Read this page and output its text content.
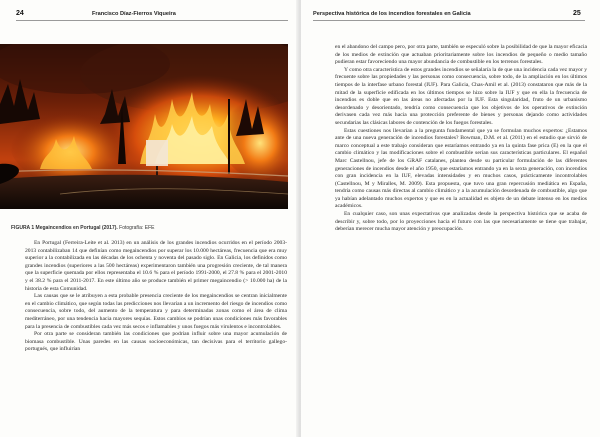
24	Francisco Díaz-Fierros Viqueira
FIGURA 1 Megaincendios en Portugal (2017). Fotografía: EFE

En Portugal (Ferreira-Leite et al. 2013) en un análisis de los grandes incendios ocurridos en el período 2003-2013 contabilizaban 14 que definían como megaincendios por superar los 10.000 hectáreas, frecuencia que era muy superior a la contabilizada en las décadas de los ochenta y noventa del pasado siglo. En Galicia, los definidos como grandes incendios (superiores a las 500 hectáreas) experimentaron también una progresión creciente, de tal manera que la superficie quemada por ellos representaba el 10.6 % para el período 1991-2000, el 27.8 % para el 2001-2010 y el 38.2 % para el 2011-2017. En este último año se produce también el primer megaincendio (> 10.000 ha) de la historia de esta Comunidad.

Las causas que se le atribuyen a esta probable presencia creciente de los megaincendios se centran inicialmente en el cambio climático, que según todas las predicciones nos llevarían a un incremento del riesgo de incendios como consecuencia, sobre todo, del aumento de la temperatura y para determinadas zonas como el área de clima mediterráneo, por una tendencia hacia mayores sequías. Estos cambios se podrían unas condiciones más favorables para la presencia de combustibles cada vez más secos e inflamables y unos fuegos más virulentos e incontrolables.

Por otra parte se consideran también las condiciones que podrían influir sobre una mayor acumulación de biomasa combustible. Unas paredes en las causas socioeconómicas, tan decisivas para el territorio gallego-portugués, que influirían

Perspectiva histórica de los incendios forestales en Galicia	25

en el abandono del campo pero, por otra parte, también se especuló sobre la posibilidad de que la mayor eficacia de los medios de extinción que actuaban prioritariamente sobre los incendios de pequeño o medio tamaño pudieran estar favoreciendo una mayor abundancia de combustible en los terrenos forestales.

Y como otra característica de estos grandes incendios se señalaría la de que una incidencia cada vez mayor y frecuente sobre las propiedades y las personas como consecuencia, sobre todo, de la ampliación en los últimos tiempos de la interfase urbano forestal (IUF). Para Galicia, Chas-Amil et al. (2013) constataron que más de la mitad de la superficie edificada en los últimos tiempos se hizo sobre la IUF y que en ella la frecuencia de incendios es doble que en las áreas no afectadas por la IUF. Esta singularidad, fruto de un urbanismo desordenado y desorientado, tendría como consecuencia que los objetivos de los operativos de extinción derivasen cada vez más hacia una protección preferente de bienes y personas dejando como actividades secundarias las clásicas labores de contención de los fuegos forestales.

Estas cuestiones nos llevarían a la pregunta fundamental que ya se formulan muchos expertos: ¿Estamos ante de una nueva generación de incendios forestales? Bowman, D.M. et al. (2011) en el estudio que sirvió de marco conceptual a este trabajo consideran que estaríamos entrando ya en la quinta fase prica (E) en la que el cambio climático y las modificaciones sobre el combustible serían sus características particulares. El español Marc Castellnou, jefe de los GRAF catalanes, plantea desde su particular formulación de las diferentes generaciones de incendios desde el año 1950, que estaríamos entrando ya en la sexta generación, con incendios con gran incidencia en la IUF, elevadas intensidades y en muchos casos, prácticamente incontrolables (Castellnou, M y Miralles, M. 2009). Esta propuesta, que tuvo una gran repercusión mediática en España, tendría como causas más directas al cambio climático y a la acumulación desordenada de combustible, algo que ya habían adelantado muchos expertos y que es en la actualidad es objeto de un debate intenso en los medios académicos.

En cualquier caso, son unas expectativas que analizadas desde la perspectiva histórica que se acaba de describir y, sobre todo, por lo proyecciones hacia el futuro con las que necesariamente se tiene que trabajar, deberían merecer mucha mayor atención y preocupación.
